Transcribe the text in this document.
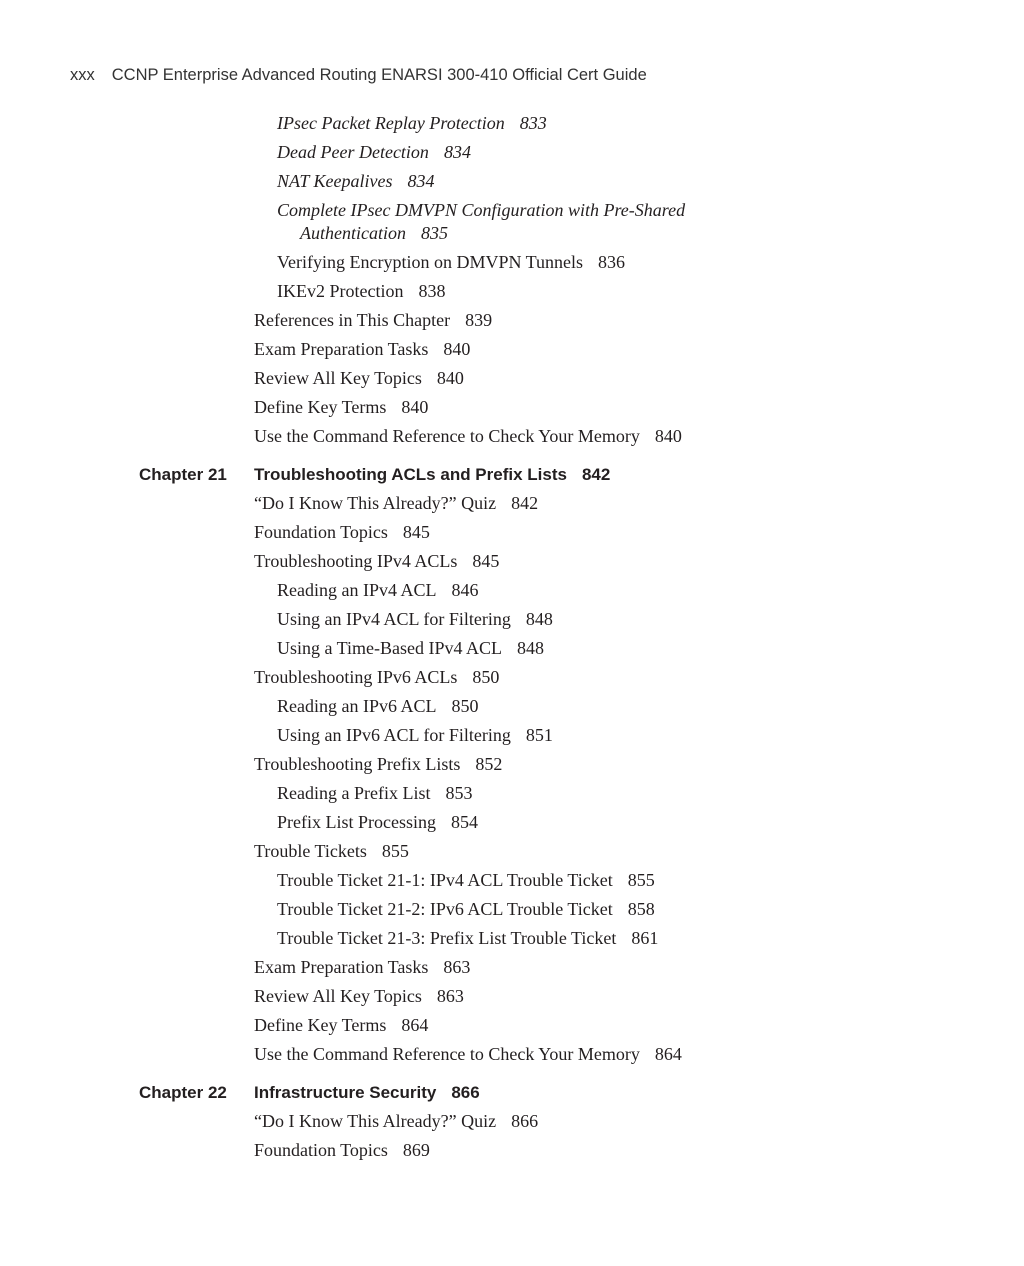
xxx CCNP Enterprise Advanced Routing ENARSI 300-410 Official Cert Guide
IPsec Packet Replay Protection 833
Dead Peer Detection 834
NAT Keepalives 834
Complete IPsec DMVPN Configuration with Pre-Shared
Authentication 835
Verifying Encryption on DMVPN Tunnels 836
IKEv2 Protection 838
References in This Chapter 839
Exam Preparation Tasks 840
Review All Key Topics 840
Define Key Terms 840
Use the Command Reference to Check Your Memory 840
Chapter 21 Troubleshooting ACLs and Prefix Lists 842
“Do I Know This Already?” Quiz 842
Foundation Topics 845
Troubleshooting IPv4 ACLs 845
Reading an IPv4 ACL 846
Using an IPv4 ACL for Filtering 848
Using a Time-Based IPv4 ACL 848
Troubleshooting IPv6 ACLs 850
Reading an IPv6 ACL 850
Using an IPv6 ACL for Filtering 851
Troubleshooting Prefix Lists 852
Reading a Prefix List 853
Prefix List Processing 854
Trouble Tickets 855
Trouble Ticket 21-1: IPv4 ACL Trouble Ticket 855
Trouble Ticket 21-2: IPv6 ACL Trouble Ticket 858
Trouble Ticket 21-3: Prefix List Trouble Ticket 861
Exam Preparation Tasks 863
Review All Key Topics 863
Define Key Terms 864
Use the Command Reference to Check Your Memory 864
Chapter 22 Infrastructure Security 866
“Do I Know This Already?” Quiz 866
Foundation Topics 869
